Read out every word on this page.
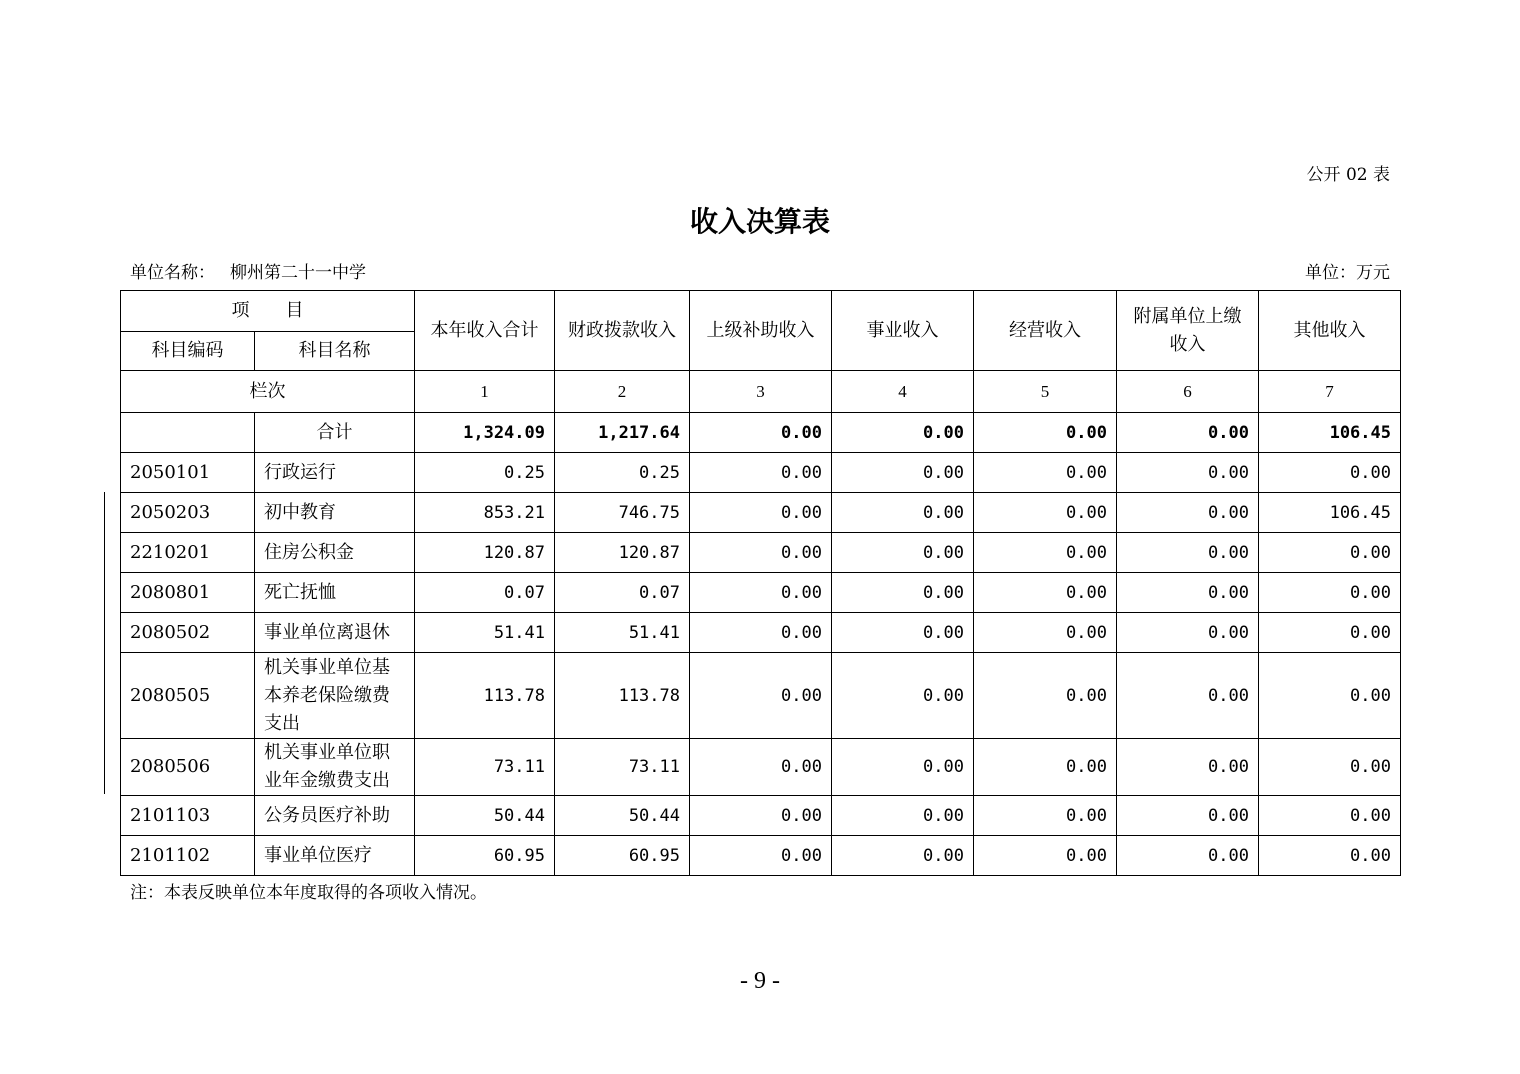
公开 02 表
收入决算表
单位名称： 柳州第二十一中学	单位：万元
项　　目		本年收入合计	财政拨款收入	上级补助收入	事业收入	经营收入	附属单位上缴收入	其他收入
科目编码	科目名称							
栏次		1	2	3	4	5	6	7
	合计	1,324.09	1,217.64	0.00	0.00	0.00	0.00	106.45
2050101	行政运行	0.25	0.25	0.00	0.00	0.00	0.00	0.00
2050203	初中教育	853.21	746.75	0.00	0.00	0.00	0.00	106.45
2210201	住房公积金	120.87	120.87	0.00	0.00	0.00	0.00	0.00
2080801	死亡抚恤	0.07	0.07	0.00	0.00	0.00	0.00	0.00
2080502	事业单位离退休	51.41	51.41	0.00	0.00	0.00	0.00	0.00
2080505	机关事业单位基本养老保险缴费支出	113.78	113.78	0.00	0.00	0.00	0.00	0.00
2080506	机关事业单位职业年金缴费支出	73.11	73.11	0.00	0.00	0.00	0.00	0.00
2101103	公务员医疗补助	50.44	50.44	0.00	0.00	0.00	0.00	0.00
2101102	事业单位医疗	60.95	60.95	0.00	0.00	0.00	0.00	0.00
注：本表反映单位本年度取得的各项收入情况。
- 9 -
